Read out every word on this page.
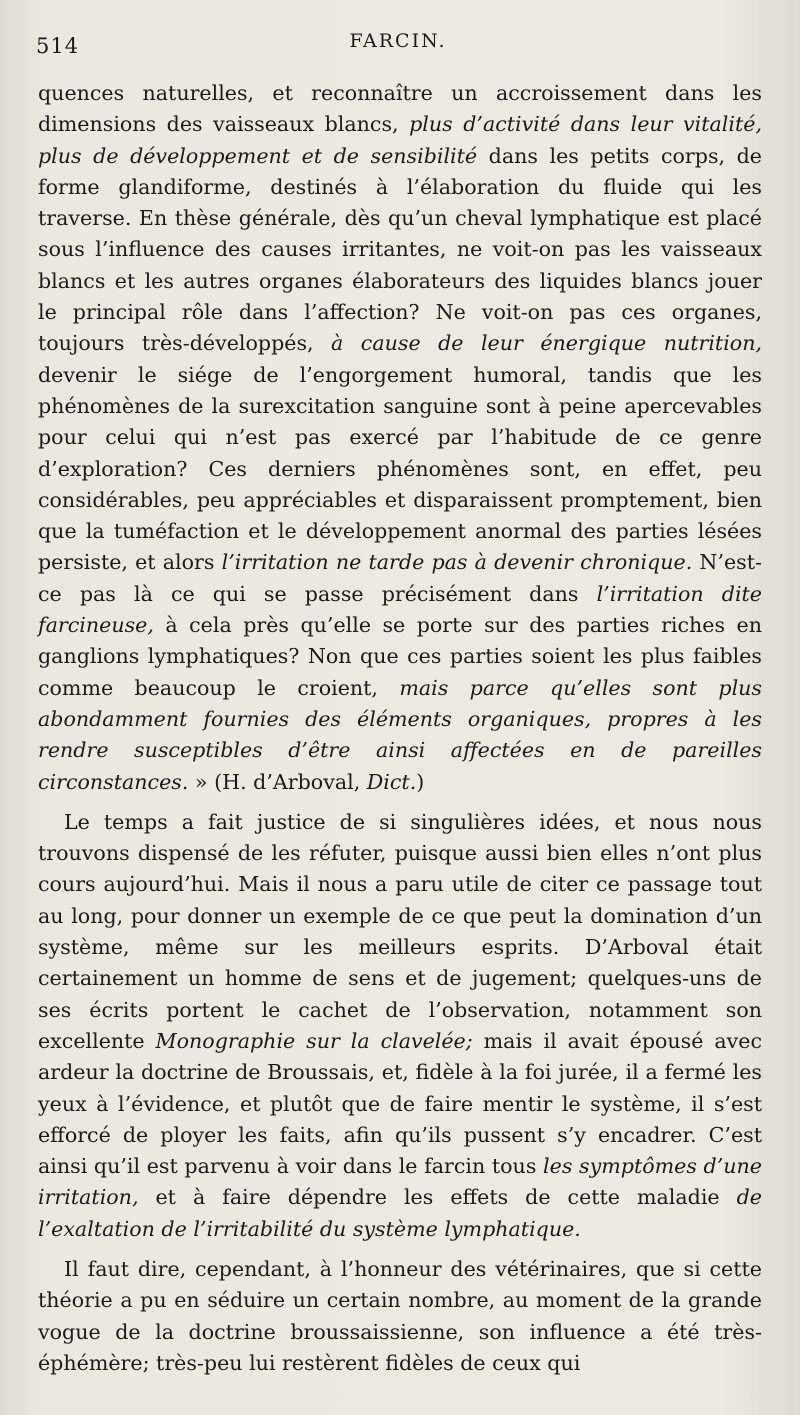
514	FARCIN.

quences naturelles, et reconnaître un accroissement dans les dimensions des vaisseaux blancs, plus d’activité dans leur vitalité, plus de développement et de sensibilité dans les petits corps, de forme glandiforme, destinés à l’élaboration du fluide qui les traverse. En thèse générale, dès qu’un cheval lymphatique est placé sous l’influence des causes irritantes, ne voit-on pas les vaisseaux blancs et les autres organes élaborateurs des liquides blancs jouer le principal rôle dans l’affection? Ne voit-on pas ces organes, toujours très-développés, à cause de leur énergique nutrition, devenir le siége de l’engorgement humoral, tandis que les phénomènes de la surexcitation sanguine sont à peine apercevables pour celui qui n’est pas exercé par l’habitude de ce genre d’exploration? Ces derniers phénomènes sont, en effet, peu considérables, peu appréciables et disparaissent promptement, bien que la tuméfaction et le développement anormal des parties lésées persiste, et alors l’irritation ne tarde pas à devenir chronique. N’est-ce pas là ce qui se passe précisément dans l’irritation dite farcineuse, à cela près qu’elle se porte sur des parties riches en ganglions lymphatiques? Non que ces parties soient les plus faibles comme beaucoup le croient, mais parce qu’elles sont plus abondamment fournies des éléments organiques, propres à les rendre susceptibles d’être ainsi affectées en de pareilles circonstances. » (H. d’Arboval, Dict.)

Le temps a fait justice de si singulières idées, et nous nous trouvons dispensé de les réfuter, puisque aussi bien elles n’ont plus cours aujourd’hui. Mais il nous a paru utile de citer ce passage tout au long, pour donner un exemple de ce que peut la domination d’un système, même sur les meilleurs esprits. D’Arboval était certainement un homme de sens et de jugement; quelques-uns de ses écrits portent le cachet de l’observation, notamment son excellente Monographie sur la clavelée; mais il avait épousé avec ardeur la doctrine de Broussais, et, fidèle à la foi jurée, il a fermé les yeux à l’évidence, et plutôt que de faire mentir le système, il s’est efforcé de ployer les faits, afin qu’ils pussent s’y encadrer. C’est ainsi qu’il est parvenu à voir dans le farcin tous les symptômes d’une irritation, et à faire dépendre les effets de cette maladie de l’exaltation de l’irritabilité du système lymphatique.

Il faut dire, cependant, à l’honneur des vétérinaires, que si cette théorie a pu en séduire un certain nombre, au moment de la grande vogue de la doctrine broussaissienne, son influence a été très-éphémère; très-peu lui restèrent fidèles de ceux qui
